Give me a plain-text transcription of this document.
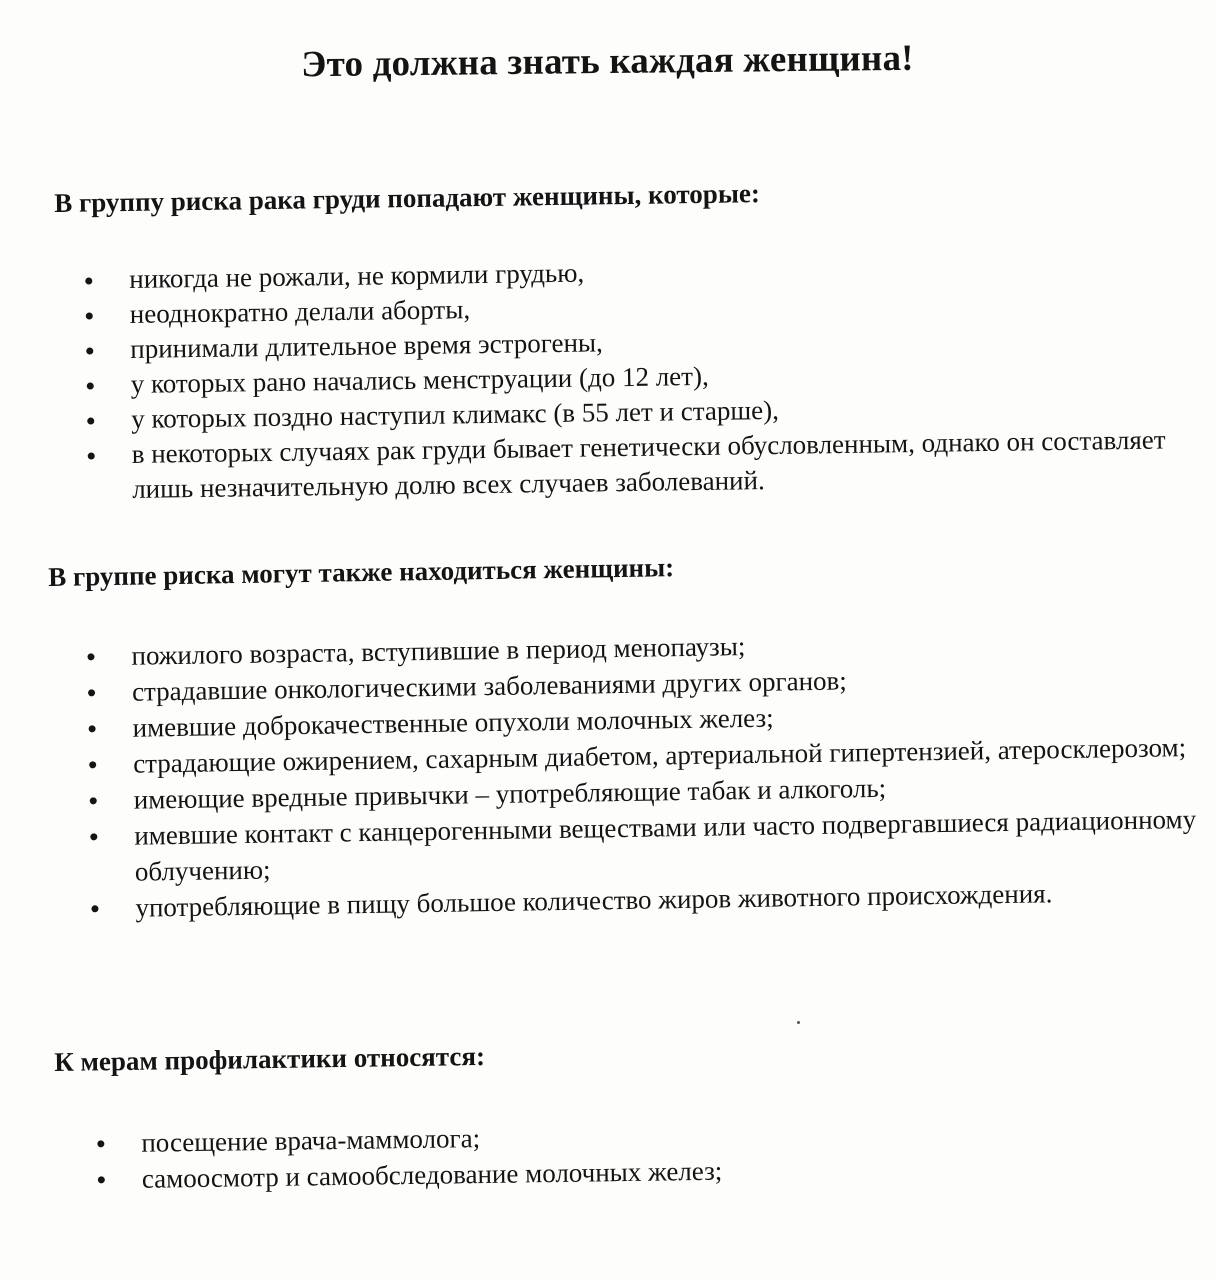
Это должна знать каждая женщина!
В группу риска рака груди попадают женщины, которые:
никогда не рожали, не кормили грудью,
неоднократно делали аборты,
принимали длительное время эстрогены,
у которых рано начались менструации (до 12 лет),
у которых поздно наступил климакс (в 55 лет и старше),
в некоторых случаях рак груди бывает генетически обусловленным, однако он составляет лишь незначительную долю всех случаев заболеваний.
В группе риска могут также находиться женщины:
пожилого возраста, вступившие в период менопаузы;
страдавшие онкологическими заболеваниями других органов;
имевшие доброкачественные опухоли молочных желез;
страдающие ожирением, сахарным диабетом, артериальной гипертензией, атеросклерозом;
имеющие вредные привычки – употребляющие табак и алкоголь;
имевшие контакт с канцерогенными веществами или часто подвергавшиеся радиационному облучению;
употребляющие в пищу большое количество жиров животного происхождения.
К мерам профилактики относятся:
посещение врача-маммолога;
самоосмотр и самообследование молочных желез;
